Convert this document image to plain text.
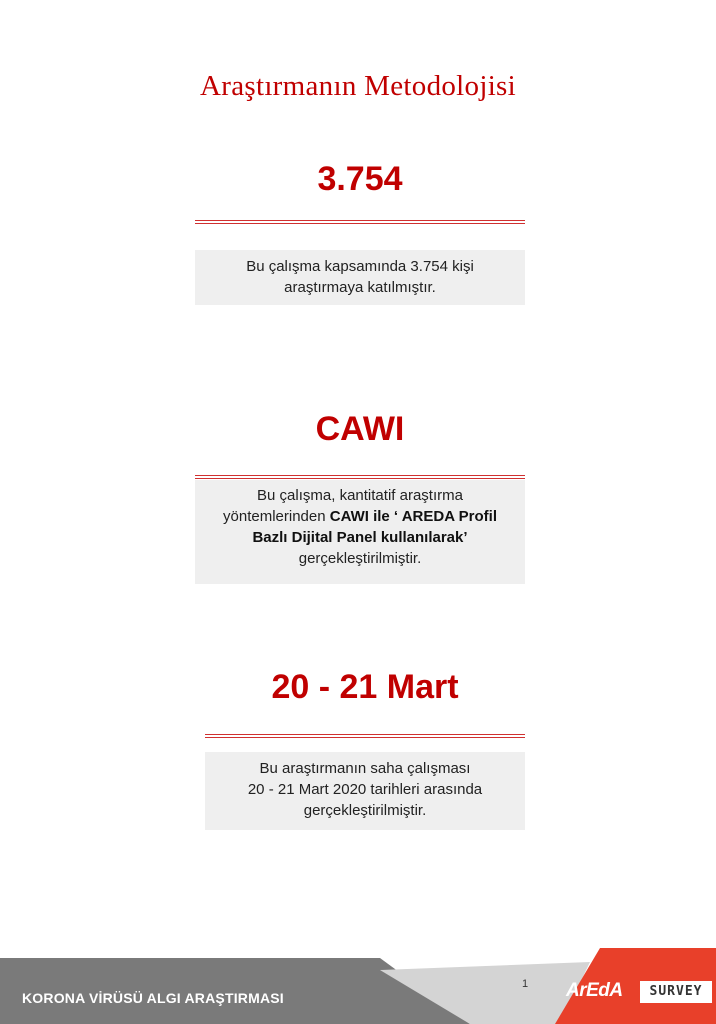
Araştırmanın Metodolojisi
3.754
Bu çalışma kapsamında 3.754 kişi
araştırmaya katılmıştır.
CAWI
Bu çalışma, kantitatif araştırma yöntemlerinden CAWI ile ‘ AREDA Profil Bazlı Dijital Panel kullanılarak’ gerçekleştirilmiştir.
20 - 21 Mart
Bu araştırmanın saha çalışması
20 - 21 Mart 2020 tarihleri arasında
gerçekleştirilmiştir.
KORONA VİRÜSÜ ALGI ARAŞTIRMASI
1 ArEdA	SURVEY
